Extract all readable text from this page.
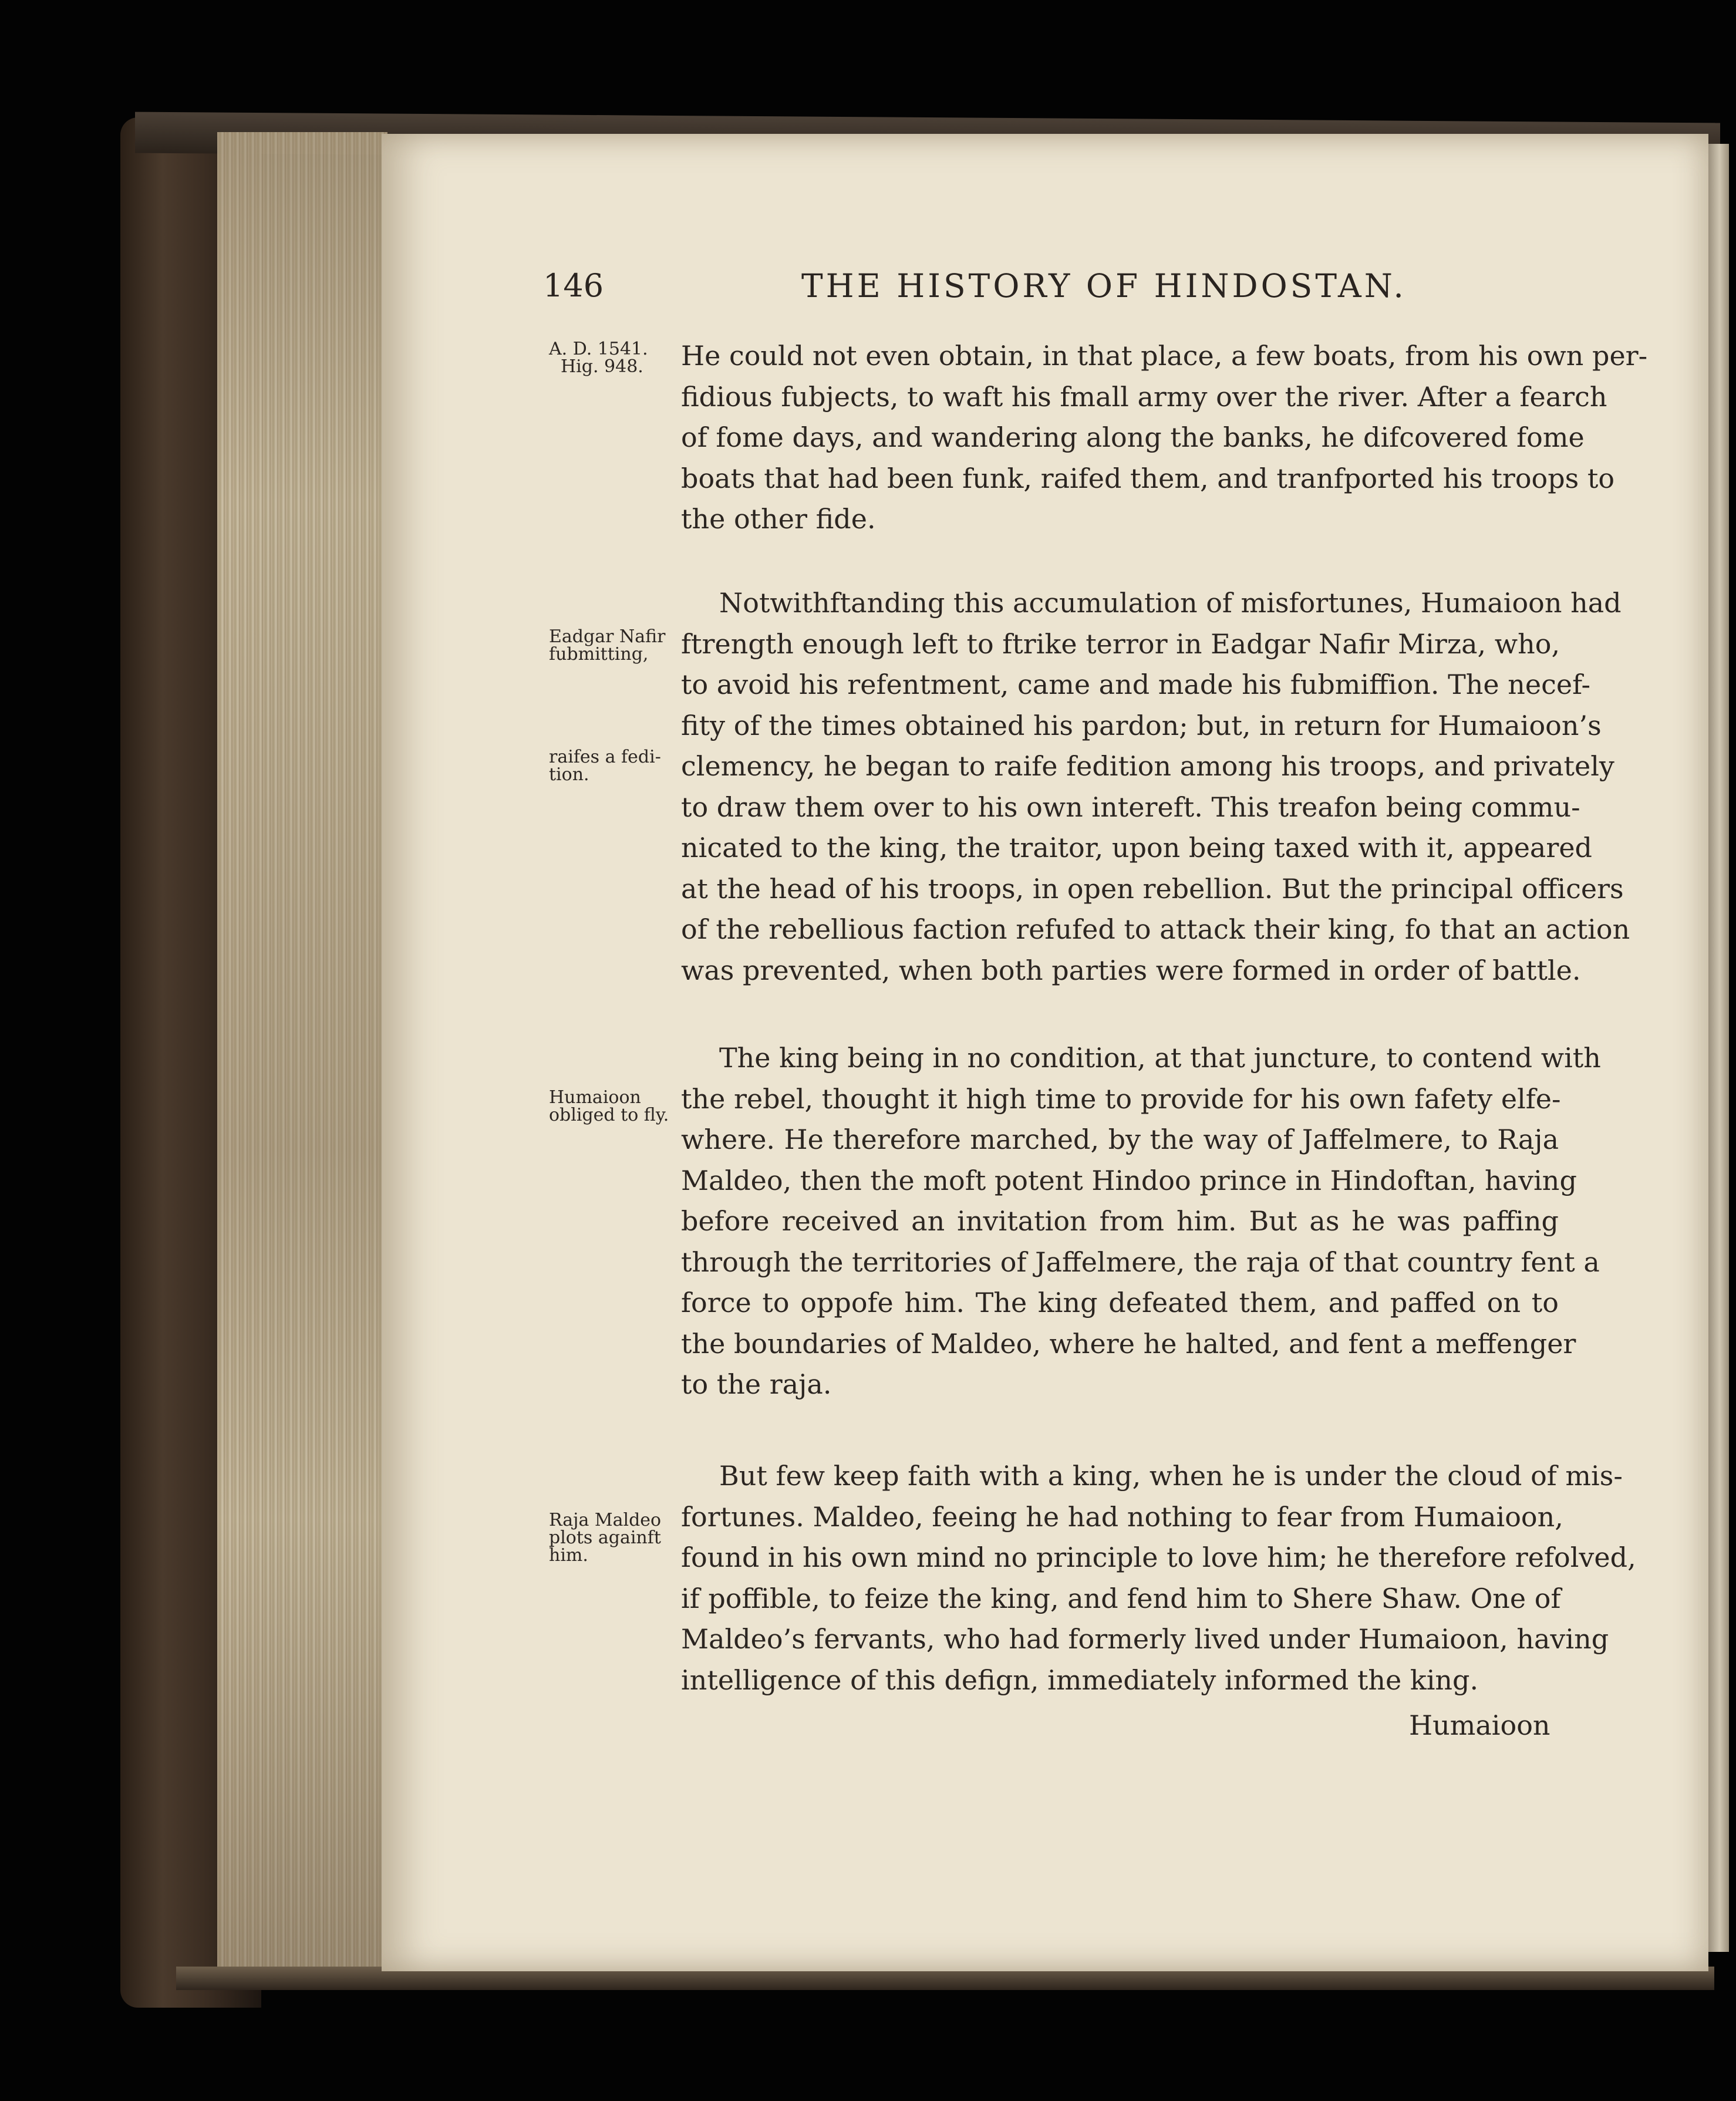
146	THE HISTORY OF HINDOSTAN.
A. D. 1541.
Hig. 948.
Eadgar Nafir
fubmitting,
raifes a fedi-
tion.
Humaioon
obliged to fly.
Raja Maldeo
plots againft
him.
He could not even obtain, in that place, a few boats, from his own per-
fidious fubjects, to waft his fmall army over the river. After a fearch
of fome days, and wandering along the banks, he difcovered fome
boats that had been funk, raifed them, and tranfported his troops to
the other fide.
Notwithftanding this accumulation of misfortunes, Humaioon had
ftrength enough left to ftrike terror in Eadgar Nafir Mirza, who,
to avoid his refentment, came and made his fubmiffion. The necef-
fity of the times obtained his pardon; but, in return for Humaioon’s
clemency, he began to raife fedition among his troops, and privately
to draw them over to his own intereft. This treafon being commu-
nicated to the king, the traitor, upon being taxed with it, appeared
at the head of his troops, in open rebellion. But the principal officers
of the rebellious faction refufed to attack their king, fo that an action
was prevented, when both parties were formed in order of battle.
The king being in no condition, at that juncture, to contend with
the rebel, thought it high time to provide for his own fafety elfe-
where. He therefore marched, by the way of Jaffelmere, to Raja
Maldeo, then the moft potent Hindoo prince in Hindoftan, having
before received an invitation from him. But as he was paffing
through the territories of Jaffelmere, the raja of that country fent a
force to oppofe him. The king defeated them, and paffed on to
the boundaries of Maldeo, where he halted, and fent a meffenger
to the raja.
But few keep faith with a king, when he is under the cloud of mis-
fortunes. Maldeo, feeing he had nothing to fear from Humaioon,
found in his own mind no principle to love him; he therefore refolved,
if poffible, to feize the king, and fend him to Shere Shaw. One of
Maldeo’s fervants, who had formerly lived under Humaioon, having
intelligence of this defign, immediately informed the king.
Humaioon
